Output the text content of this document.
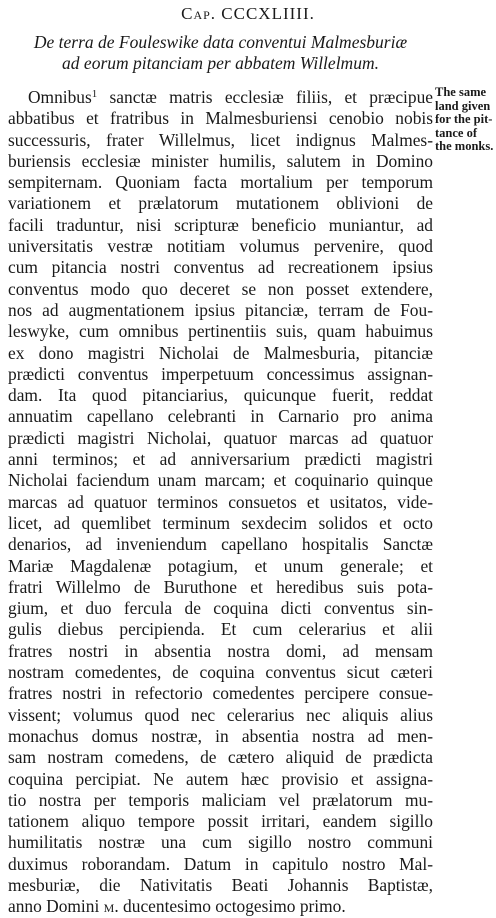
Cap. CCCXLIIII.
De terra de Fouleswike data conventui Malmesburiæ
ad eorum pitanciam per abbatem Willelmum.
Omnibus$^1$ sanctæ matris ecclesiæ filiis, et præcipue
abbatibus et fratribus in Malmesburiensi cenobio nobis
successuris, frater Willelmus, licet indignus Malmes-
buriensis ecclesiæ minister humilis, salutem in Domino
sempiternam. Quoniam facta mortalium per temporum
variationem et prælatorum mutationem oblivioni de
facili traduntur, nisi scripturæ beneficio muniantur, ad
universitatis vestræ notitiam volumus pervenire, quod
cum pitancia nostri conventus ad recreationem ipsius
conventus modo quo deceret se non posset extendere,
nos ad augmentationem ipsius pitanciæ, terram de Fou-
leswyke, cum omnibus pertinentiis suis, quam habuimus
ex dono magistri Nicholai de Malmesburia, pitanciæ
prædicti conventus imperpetuum concessimus assignan-
dam. Ita quod pitanciarius, quicunque fuerit, reddat
annuatim capellano celebranti in Carnario pro anima
prædicti magistri Nicholai, quatuor marcas ad quatuor
anni terminos; et ad anniversarium prædicti magistri
Nicholai faciendum unam marcam; et coquinario quinque
marcas ad quatuor terminos consuetos et usitatos, vide-
licet, ad quemlibet terminum sexdecim solidos et octo
denarios, ad inveniendum capellano hospitalis Sanctæ
Mariæ Magdalenæ potagium, et unum generale; et
fratri Willelmo de Buruthone et heredibus suis pota-
gium, et duo fercula de coquina dicti conventus sin-
gulis diebus percipienda. Et cum celerarius et alii
fratres nostri in absentia nostra domi, ad mensam
nostram comedentes, de coquina conventus sicut cæteri
fratres nostri in refectorio comedentes percipere consue-
vissent; volumus quod nec celerarius nec aliquis alius
monachus domus nostræ, in absentia nostra ad men-
sam nostram comedens, de cætero aliquid de prædicta
coquina percipiat. Ne autem hæc provisio et assigna-
tio nostra per temporis maliciam vel prælatorum mu-
tationem aliquo tempore possit irritari, eandem sigillo
humilitatis nostræ una cum sigillo nostro communi
duximus roborandam. Datum in capitulo nostro Mal-
mesburiæ, die Nativitatis Beati Johannis Baptistæ,
anno Domini m. ducentesimo octogesimo primo.
The same
land given
for the pit-
tance of
the monks.
